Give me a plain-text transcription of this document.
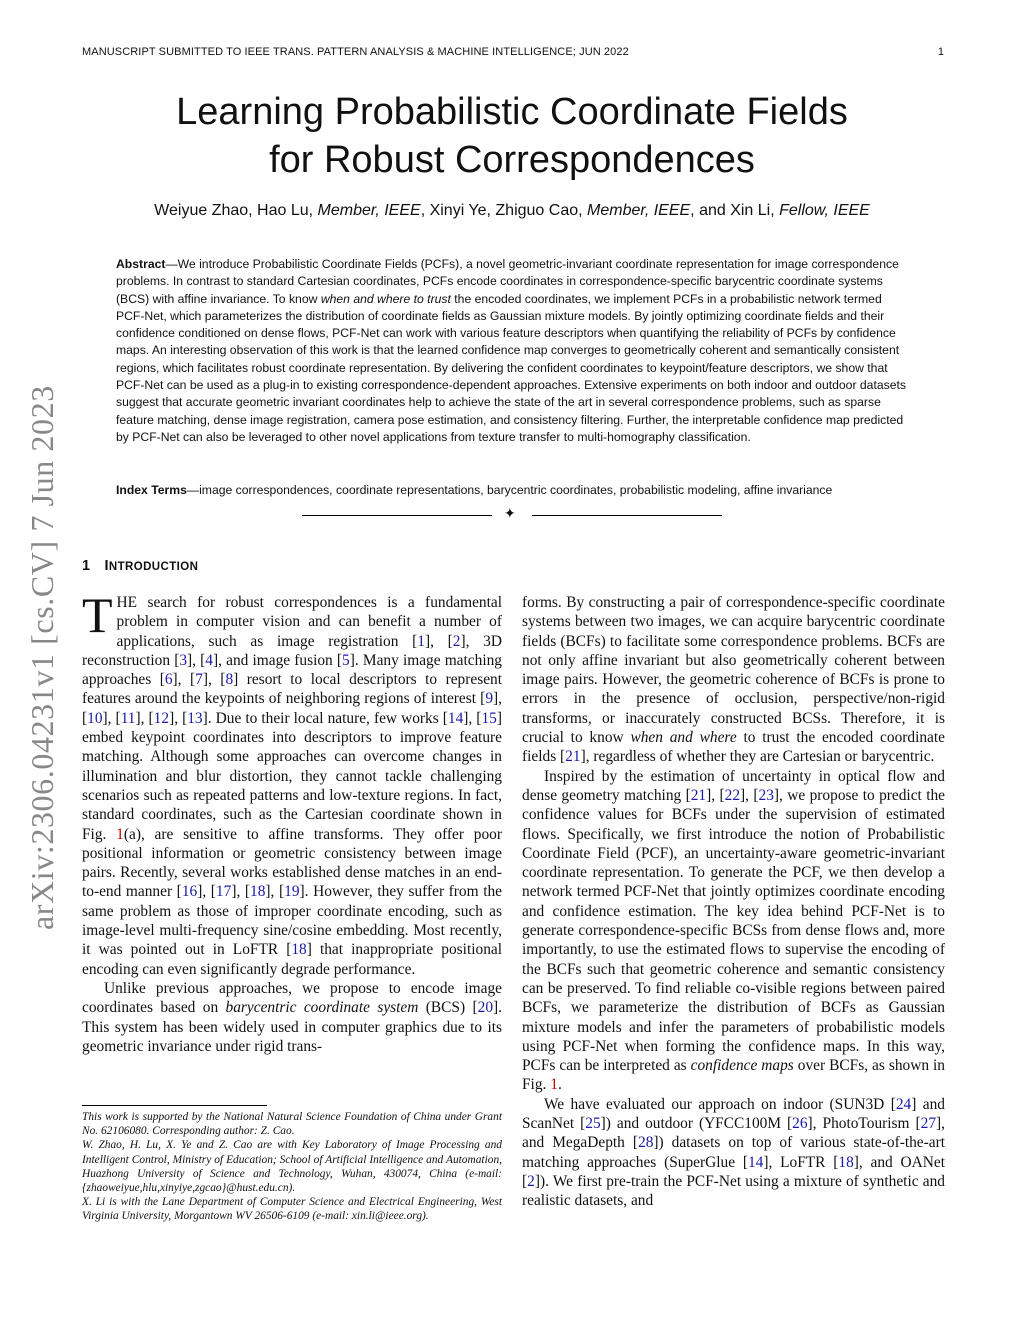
MANUSCRIPT SUBMITTED TO IEEE TRANS. PATTERN ANALYSIS & MACHINE INTELLIGENCE; JUN 2022	1
Learning Probabilistic Coordinate Fields
for Robust Correspondences
Weiyue Zhao, Hao Lu, Member, IEEE, Xinyi Ye, Zhiguo Cao, Member, IEEE, and Xin Li, Fellow, IEEE
Abstract—We introduce Probabilistic Coordinate Fields (PCFs), a novel geometric-invariant coordinate representation for image correspondence problems. In contrast to standard Cartesian coordinates, PCFs encode coordinates in correspondence-specific barycentric coordinate systems (BCS) with affine invariance. To know when and where to trust the encoded coordinates, we implement PCFs in a probabilistic network termed PCF-Net, which parameterizes the distribution of coordinate fields as Gaussian mixture models. By jointly optimizing coordinate fields and their confidence conditioned on dense flows, PCF-Net can work with various feature descriptors when quantifying the reliability of PCFs by confidence maps. An interesting observation of this work is that the learned confidence map converges to geometrically coherent and semantically consistent regions, which facilitates robust coordinate representation. By delivering the confident coordinates to keypoint/feature descriptors, we show that PCF-Net can be used as a plug-in to existing correspondence-dependent approaches. Extensive experiments on both indoor and outdoor datasets suggest that accurate geometric invariant coordinates help to achieve the state of the art in several correspondence problems, such as sparse feature matching, dense image registration, camera pose estimation, and consistency filtering. Further, the interpretable confidence map predicted by PCF-Net can also be leveraged to other novel applications from texture transfer to multi-homography classification.
Index Terms—image correspondences, coordinate representations, barycentric coordinates, probabilistic modeling, affine invariance
✦
arXiv:2306.04231v1 [cs.CV] 7 Jun 2023 1 INTRODUCTION

THE search for robust correspondences is a fundamental problem in computer vision and can benefit a number of applications, such as image registration [1], [2], 3D reconstruction [3], [4], and image fusion [5]. Many image matching approaches [6], [7], [8] resort to local descriptors to represent features around the keypoints of neighboring regions of interest [9], [10], [11], [12], [13]. Due to their local nature, few works [14], [15] embed keypoint coordinates into descriptors to improve feature matching. Although some approaches can overcome changes in illumination and blur distortion, they cannot tackle challenging scenarios such as repeated patterns and low-texture regions. In fact, standard coordinates, such as the Cartesian coordinate shown in Fig. 1(a), are sensitive to affine transforms. They offer poor positional information or geometric consistency between image pairs. Recently, several works established dense matches in an end-to-end manner [16], [17], [18], [19]. However, they suffer from the same problem as those of improper coordinate encoding, such as image-level multi-frequency sine/cosine embedding. Most recently, it was pointed out in LoFTR [18] that inappropriate positional encoding can even significantly degrade performance.

Unlike previous approaches, we propose to encode image coordinates based on barycentric coordinate system (BCS) [20]. This system has been widely used in computer graphics due to its geometric invariance under rigid trans-

This work is supported by the National Natural Science Foundation of China under Grant No. 62106080. Corresponding author: Z. Cao.

W. Zhao, H. Lu, X. Ye and Z. Cao are with Key Laboratory of Image Processing and Intelligent Control, Ministry of Education; School of Artificial Intelligence and Automation, Huazhong University of Science and Technology, Wuhan, 430074, China (e-mail: {zhaoweiyue,hlu,xinyiye,zgcao}@hust.edu.cn).

X. Li is with the Lane Department of Computer Science and Electrical Engineering, West Virginia University, Morgantown WV 26506-6109 (e-mail: xin.li@ieee.org).

forms. By constructing a pair of correspondence-specific coordinate systems between two images, we can acquire barycentric coordinate fields (BCFs) to facilitate some correspondence problems. BCFs are not only affine invariant but also geometrically coherent between image pairs. However, the geometric coherence of BCFs is prone to errors in the presence of occlusion, perspective/non-rigid transforms, or inaccurately constructed BCSs. Therefore, it is crucial to know when and where to trust the encoded coordinate fields [21], regardless of whether they are Cartesian or barycentric.

Inspired by the estimation of uncertainty in optical flow and dense geometry matching [21], [22], [23], we propose to predict the confidence values for BCFs under the supervision of estimated flows. Specifically, we first introduce the notion of Probabilistic Coordinate Field (PCF), an uncertainty-aware geometric-invariant coordinate representation. To generate the PCF, we then develop a network termed PCF-Net that jointly optimizes coordinate encoding and confidence estimation. The key idea behind PCF-Net is to generate correspondence-specific BCSs from dense flows and, more importantly, to use the estimated flows to supervise the encoding of the BCFs such that geometric coherence and semantic consistency can be preserved. To find reliable co-visible regions between paired BCFs, we parameterize the distribution of BCFs as Gaussian mixture models and infer the parameters of probabilistic models using PCF-Net when forming the confidence maps. In this way, PCFs can be interpreted as confidence maps over BCFs, as shown in Fig. 1.

We have evaluated our approach on indoor (SUN3D [24] and ScanNet [25]) and outdoor (YFCC100M [26], PhotoTourism [27], and MegaDepth [28]) datasets on top of various state-of-the-art matching approaches (SuperGlue [14], LoFTR [18], and OANet [2]). We first pre-train the PCF-Net using a mixture of synthetic and realistic datasets, and
